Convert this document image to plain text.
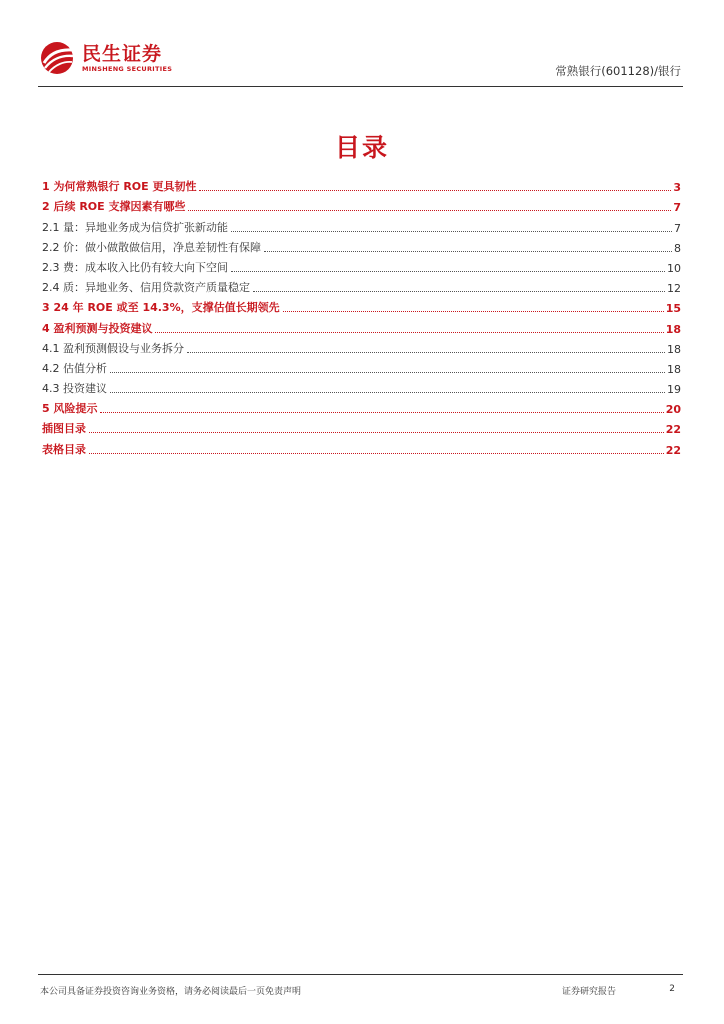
民生证券
MINSHENG SECURITIES	常熟银行(601128)/银行
目录
1 为何常熟银行 ROE 更具韧性	3
2 后续 ROE 支撑因素有哪些	7
2.1 量：异地业务成为信贷扩张新动能	7
2.2 价：做小做散做信用，净息差韧性有保障	8
2.3 费：成本收入比仍有较大向下空间	10
2.4 质：异地业务、信用贷款资产质量稳定	12
3 24 年 ROE 或至 14.3%，支撑估值长期领先	15
4 盈利预测与投资建议	18
4.1 盈利预测假设与业务拆分	18
4.2 估值分析	18
4.3 投资建议	19
5 风险提示	20
插图目录	22
表格目录	22
本公司具备证券投资咨询业务资格，请务必阅读最后一页免责声明	证券研究报告	2
